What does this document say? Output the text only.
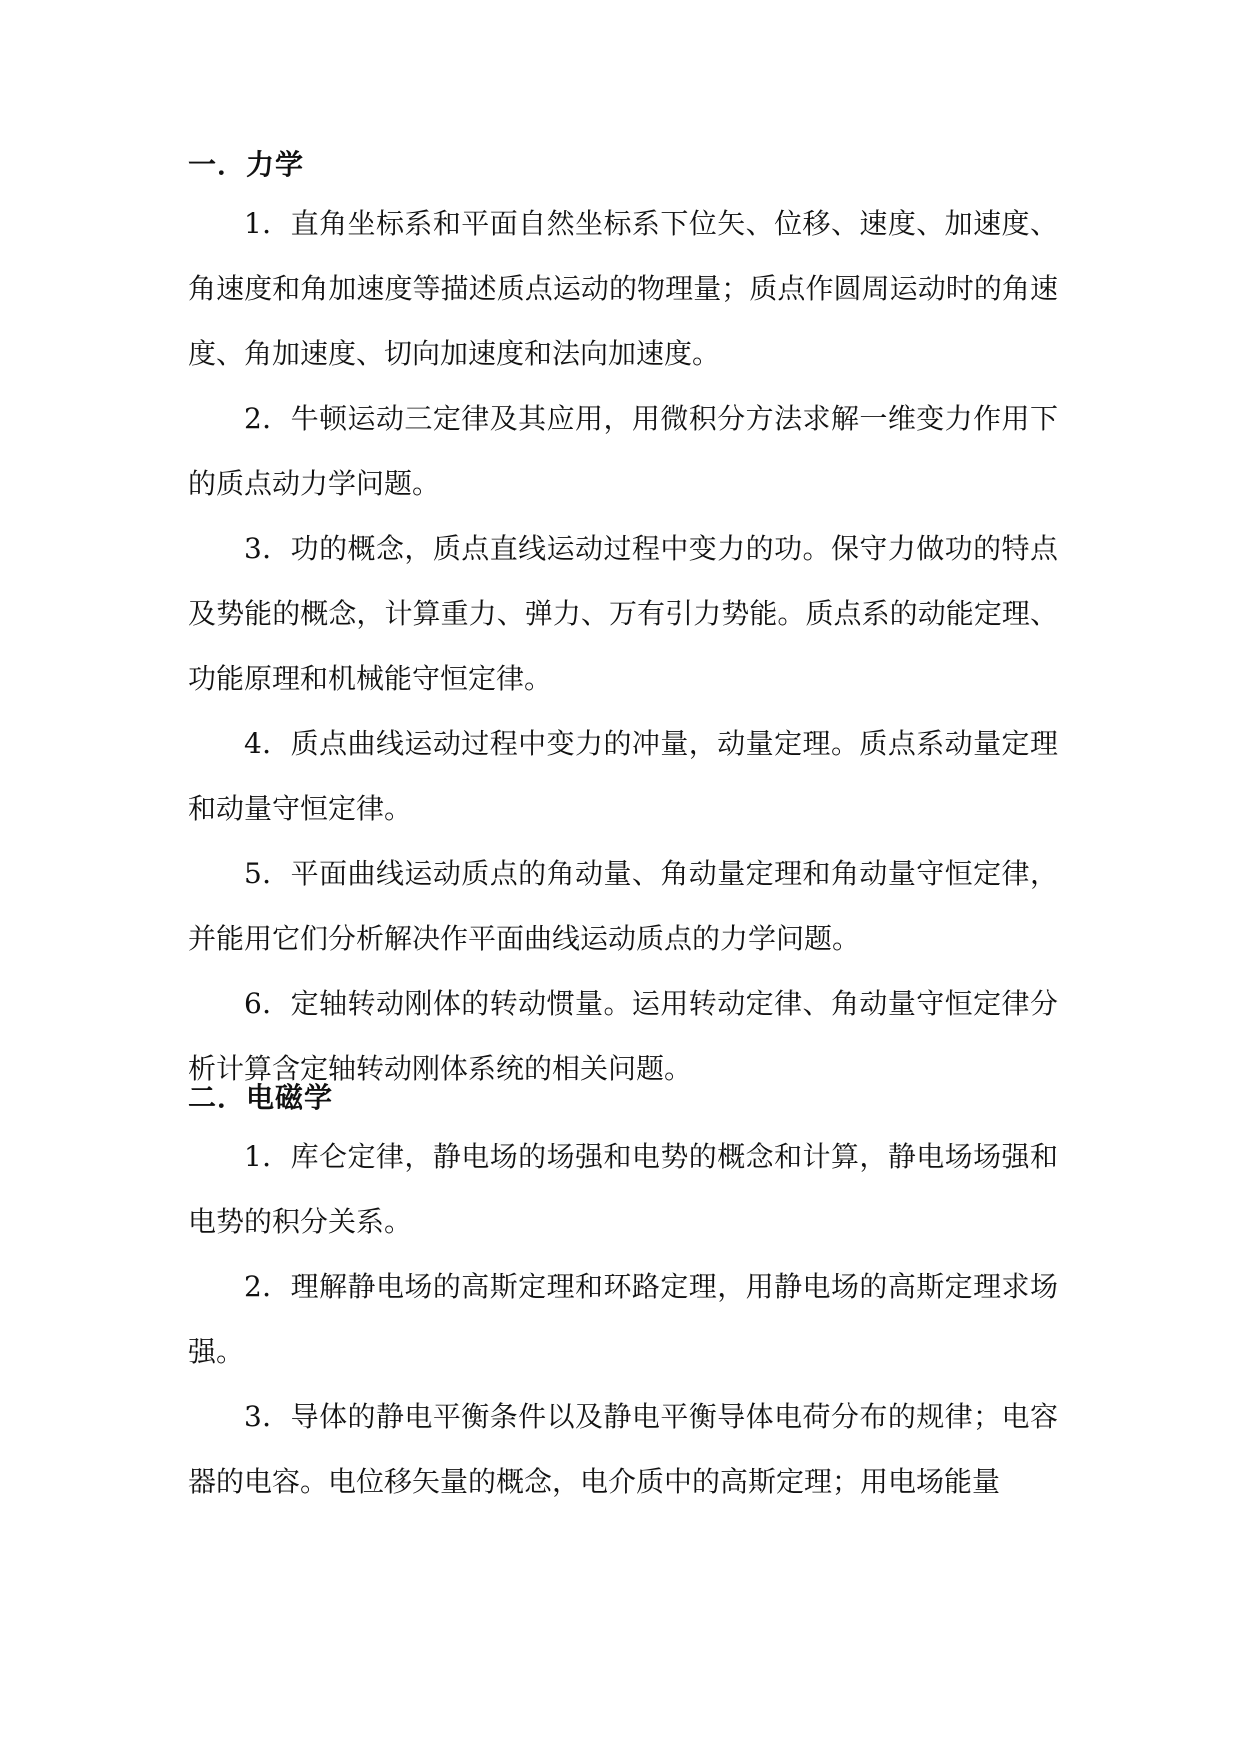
一．力学

1．直角坐标系和平面自然坐标系下位矢、位移、速度、加速度、角速度和角加速度等描述质点运动的物理量；质点作圆周运动时的角速度、角加速度、切向加速度和法向加速度。

2．牛顿运动三定律及其应用，用微积分方法求解一维变力作用下的质点动力学问题。

3．功的概念，质点直线运动过程中变力的功。保守力做功的特点及势能的概念，计算重力、弹力、万有引力势能。质点系的动能定理、功能原理和机械能守恒定律。

4．质点曲线运动过程中变力的冲量，动量定理。质点系动量定理和动量守恒定律。

5．平面曲线运动质点的角动量、角动量定理和角动量守恒定律，并能用它们分析解决作平面曲线运动质点的力学问题。

6．定轴转动刚体的转动惯量。运用转动定律、角动量守恒定律分析计算含定轴转动刚体系统的相关问题。

二．电磁学

1．库仑定律，静电场的场强和电势的概念和计算，静电场场强和电势的积分关系。

2．理解静电场的高斯定理和环路定理，用静电场的高斯定理求场强。

3．导体的静电平衡条件以及静电平衡导体电荷分布的规律；电容器的电容。电位移矢量的概念，电介质中的高斯定理；用电场能量
